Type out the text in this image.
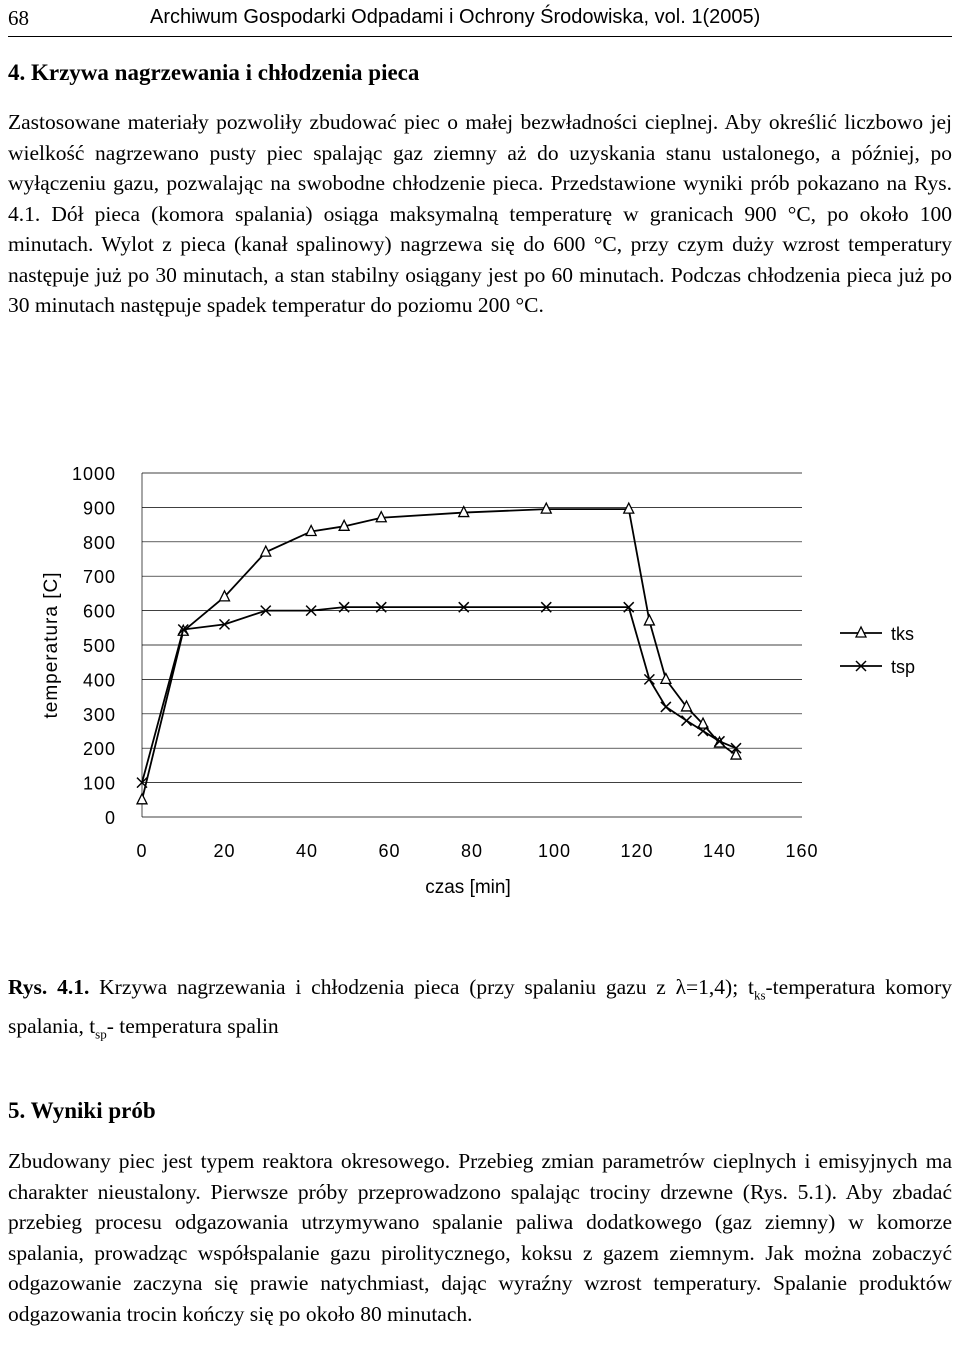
68	Archiwum Gospodarki Odpadami i Ochrony Środowiska, vol. 1(2005)
4. Krzywa nagrzewania i chłodzenia pieca

Zastosowane materiały pozwoliły zbudować piec o małej bezwładności cieplnej. Aby określić liczbowo jej wielkość nagrzewano pusty piec spalając gaz ziemny aż do uzyskania stanu ustalonego, a później, po wyłączeniu gazu, pozwalając na swobodne chłodzenie pieca. Przedstawione wyniki prób pokazano na Rys. 4.1. Dół pieca (komora spalania) osiąga maksymalną temperaturę w granicach 900 °C, po około 100 minutach. Wylot z pieca (kanał spalinowy) nagrzewa się do 600 °C, przy czym duży wzrost temperatury następuje już po 30 minutach, a stan stabilny osiągany jest po 60 minutach. Podczas chłodzenia pieca już po 30 minutach następuje spadek temperatur do poziomu 200 °C.

1000
900
800
700
600
500
400
300
200
100
0
0	20	40	60	80	100	120	140	160
temperatura [C]
czas [min]
tks
tsp

Rys. 4.1. Krzywa nagrzewania i chłodzenia pieca (przy spalaniu gazu z λ=1,4); $t_{ks}$-temperatura komory spalania, $t_{sp}-$ temperatura spalin

5. Wyniki prób

Zbudowany piec jest typem reaktora okresowego. Przebieg zmian parametrów cieplnych i emisyjnych ma charakter nieustalony. Pierwsze próby przeprowadzono spalając trociny drzewne (Rys. 5.1). Aby zbadać przebieg procesu odgazowania utrzymywano spalanie paliwa dodatkowego (gaz ziemny) w komorze spalania, prowadząc współspalanie gazu pirolitycznego, koksu z gazem ziemnym. Jak można zobaczyć odgazowanie zaczyna się prawie natychmiast, dając wyraźny wzrost temperatury. Spalanie produktów odgazowania trocin kończy się po około 80 minutach.
